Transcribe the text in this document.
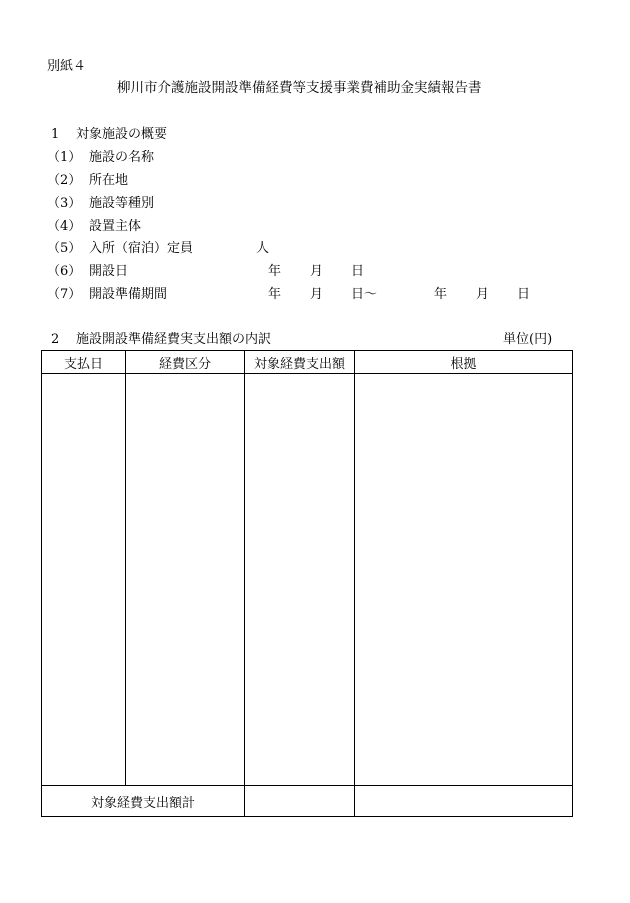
別紙４
柳川市介護施設開設準備経費等支援事業費補助金実績報告書
1 対象施設の概要
（1） 施設の名称
（2） 所在地
（3） 施設等種別
（4） 設置主体
（5） 入所（宿泊）定員	人
（6） 開設日	年 月 日
（7） 開設準備期間	年 月 日～	年 月 日
2 施設開設準備経費実支出額の内訳	単位(円)
支払日	経費区分	対象経費支出額	根拠

対象経費支出額計			
